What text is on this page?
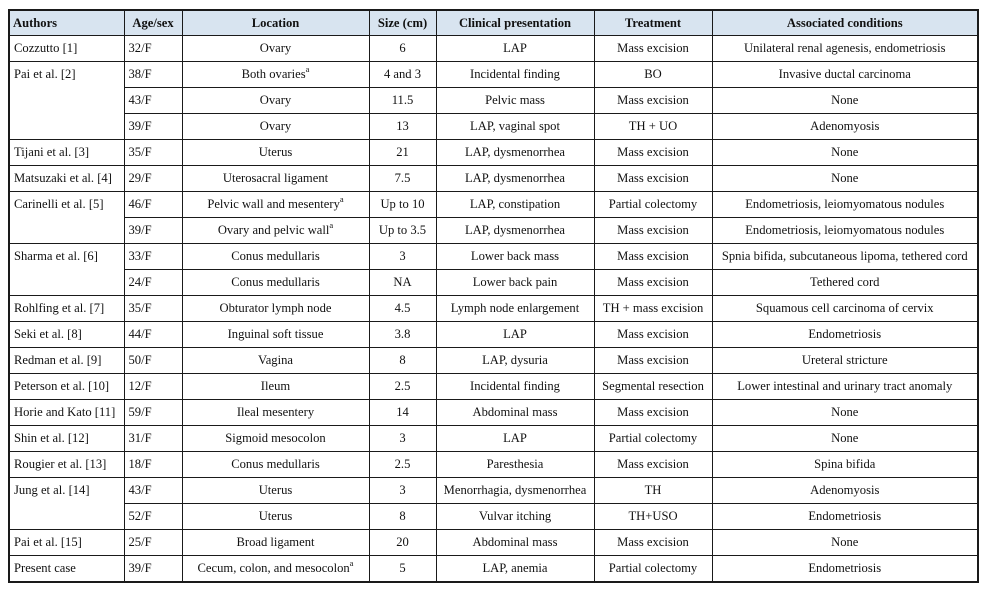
Authors	Age/sex	Location	Size (cm)	Clinical presentation	Treatment	Associated conditions
Cozzutto [1]	32/F	Ovary	6	LAP	Mass excision	Unilateral renal agenesis, endometriosis
Pai et al. [2]	38/F	Both ovaries$^a$	4 and 3	Incidental finding	BO	Invasive ductal carcinoma
	43/F	Ovary	11.5	Pelvic mass	Mass excision	None
	39/F	Ovary	13	LAP, vaginal spot	TH + UO	Adenomyosis
Tijani et al. [3]	35/F	Uterus	21	LAP, dysmenorrhea	Mass excision	None
Matsuzaki et al. [4]	29/F	Uterosacral ligament	7.5	LAP, dysmenorrhea	Mass excision	None
Carinelli et al. [5]	46/F	Pelvic wall and mesentery$^a$	Up to 10	LAP, constipation	Partial colectomy	Endometriosis, leiomyomatous nodules
	39/F	Ovary and pelvic wall$^a$	Up to 3.5	LAP, dysmenorrhea	Mass excision	Endometriosis, leiomyomatous nodules
Sharma et al. [6]	33/F	Conus medullaris	3	Lower back mass	Mass excision	Spnia bifida, subcutaneous lipoma, tethered cord
	24/F	Conus medullaris	NA	Lower back pain	Mass excision	Tethered cord
Rohlfing et al. [7]	35/F	Obturator lymph node	4.5	Lymph node enlargement	TH + mass excision	Squamous cell carcinoma of cervix
Seki et al. [8]	44/F	Inguinal soft tissue	3.8	LAP	Mass excision	Endometriosis
Redman et al. [9]	50/F	Vagina	8	LAP, dysuria	Mass excision	Ureteral stricture
Peterson et al. [10]	12/F	Ileum	2.5	Incidental finding	Segmental resection	Lower intestinal and urinary tract anomaly
Horie and Kato [11]	59/F	Ileal mesentery	14	Abdominal mass	Mass excision	None
Shin et al. [12]	31/F	Sigmoid mesocolon	3	LAP	Partial colectomy	None
Rougier et al. [13]	18/F	Conus medullaris	2.5	Paresthesia	Mass excision	Spina bifida
Jung et al. [14]	43/F	Uterus	3	Menorrhagia, dysmenorrhea	TH	Adenomyosis
	52/F	Uterus	8	Vulvar itching	TH+USO	Endometriosis
Pai et al. [15]	25/F	Broad ligament	20	Abdominal mass	Mass excision	None
Present case	39/F	Cecum, colon, and mesocolon$^a$	5	LAP, anemia	Partial colectomy	Endometriosis
